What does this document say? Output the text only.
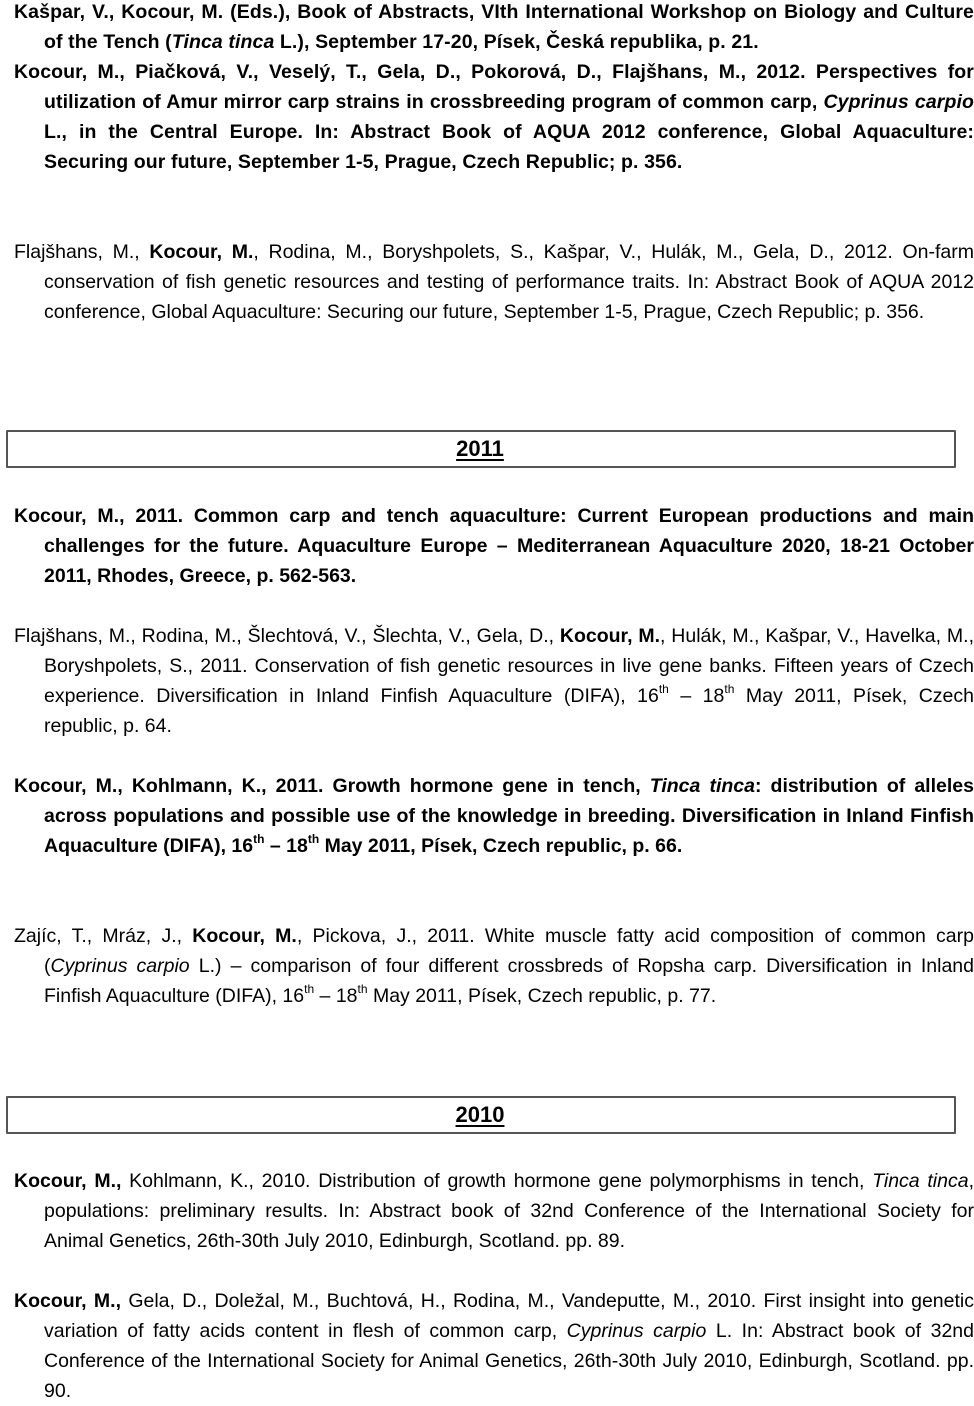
Kašpar, V., Kocour, M. (Eds.), Book of Abstracts, VIth International Workshop on Biology and Culture of the Tench (Tinca tinca L.), September 17-20, Písek, Česká republika, p. 21.

Kocour, M., Piačková, V., Veselý, T., Gela, D., Pokorová, D., Flajšhans, M., 2012. Perspectives for utilization of Amur mirror carp strains in crossbreeding program of common carp, Cyprinus carpio L., in the Central Europe. In: Abstract Book of AQUA 2012 conference, Global Aquaculture: Securing our future, September 1-5, Prague, Czech Republic; p. 356.

Flajšhans, M., Kocour, M., Rodina, M., Boryshpolets, S., Kašpar, V., Hulák, M., Gela, D., 2012. On-farm conservation of fish genetic resources and testing of performance traits. In: Abstract Book of AQUA 2012 conference, Global Aquaculture: Securing our future, September 1-5, Prague, Czech Republic; p. 356.

2011

Kocour, M., 2011. Common carp and tench aquaculture: Current European productions and main challenges for the future. Aquaculture Europe – Mediterranean Aquaculture 2020, 18-21 October 2011, Rhodes, Greece, p. 562-563.

Flajšhans, M., Rodina, M., Šlechtová, V., Šlechta, V., Gela, D., Kocour, M., Hulák, M., Kašpar, V., Havelka, M., Boryshpolets, S., 2011. Conservation of fish genetic resources in live gene banks. Fifteen years of Czech experience. Diversification in Inland Finfish Aquaculture (DIFA), 16th – 18th May 2011, Písek, Czech republic, p. 64.

Kocour, M., Kohlmann, K., 2011. Growth hormone gene in tench, Tinca tinca: distribution of alleles across populations and possible use of the knowledge in breeding. Diversification in Inland Finfish Aquaculture (DIFA), 16th – 18th May 2011, Písek, Czech republic, p. 66.

Zajíc, T., Mráz, J., Kocour, M., Pickova, J., 2011. White muscle fatty acid composition of common carp (Cyprinus carpio L.) – comparison of four different crossbreds of Ropsha carp. Diversification in Inland Finfish Aquaculture (DIFA), 16th – 18th May 2011, Písek, Czech republic, p. 77.

2010

Kocour, M., Kohlmann, K., 2010. Distribution of growth hormone gene polymorphisms in tench, Tinca tinca, populations: preliminary results. In: Abstract book of 32nd Conference of the International Society for Animal Genetics, 26th-30th July 2010, Edinburgh, Scotland. pp. 89.

Kocour, M., Gela, D., Doležal, M., Buchtová, H., Rodina, M., Vandeputte, M., 2010. First insight into genetic variation of fatty acids content in flesh of common carp, Cyprinus carpio L. In: Abstract book of 32nd Conference of the International Society for Animal Genetics, 26th-30th July 2010, Edinburgh, Scotland. pp. 90.
